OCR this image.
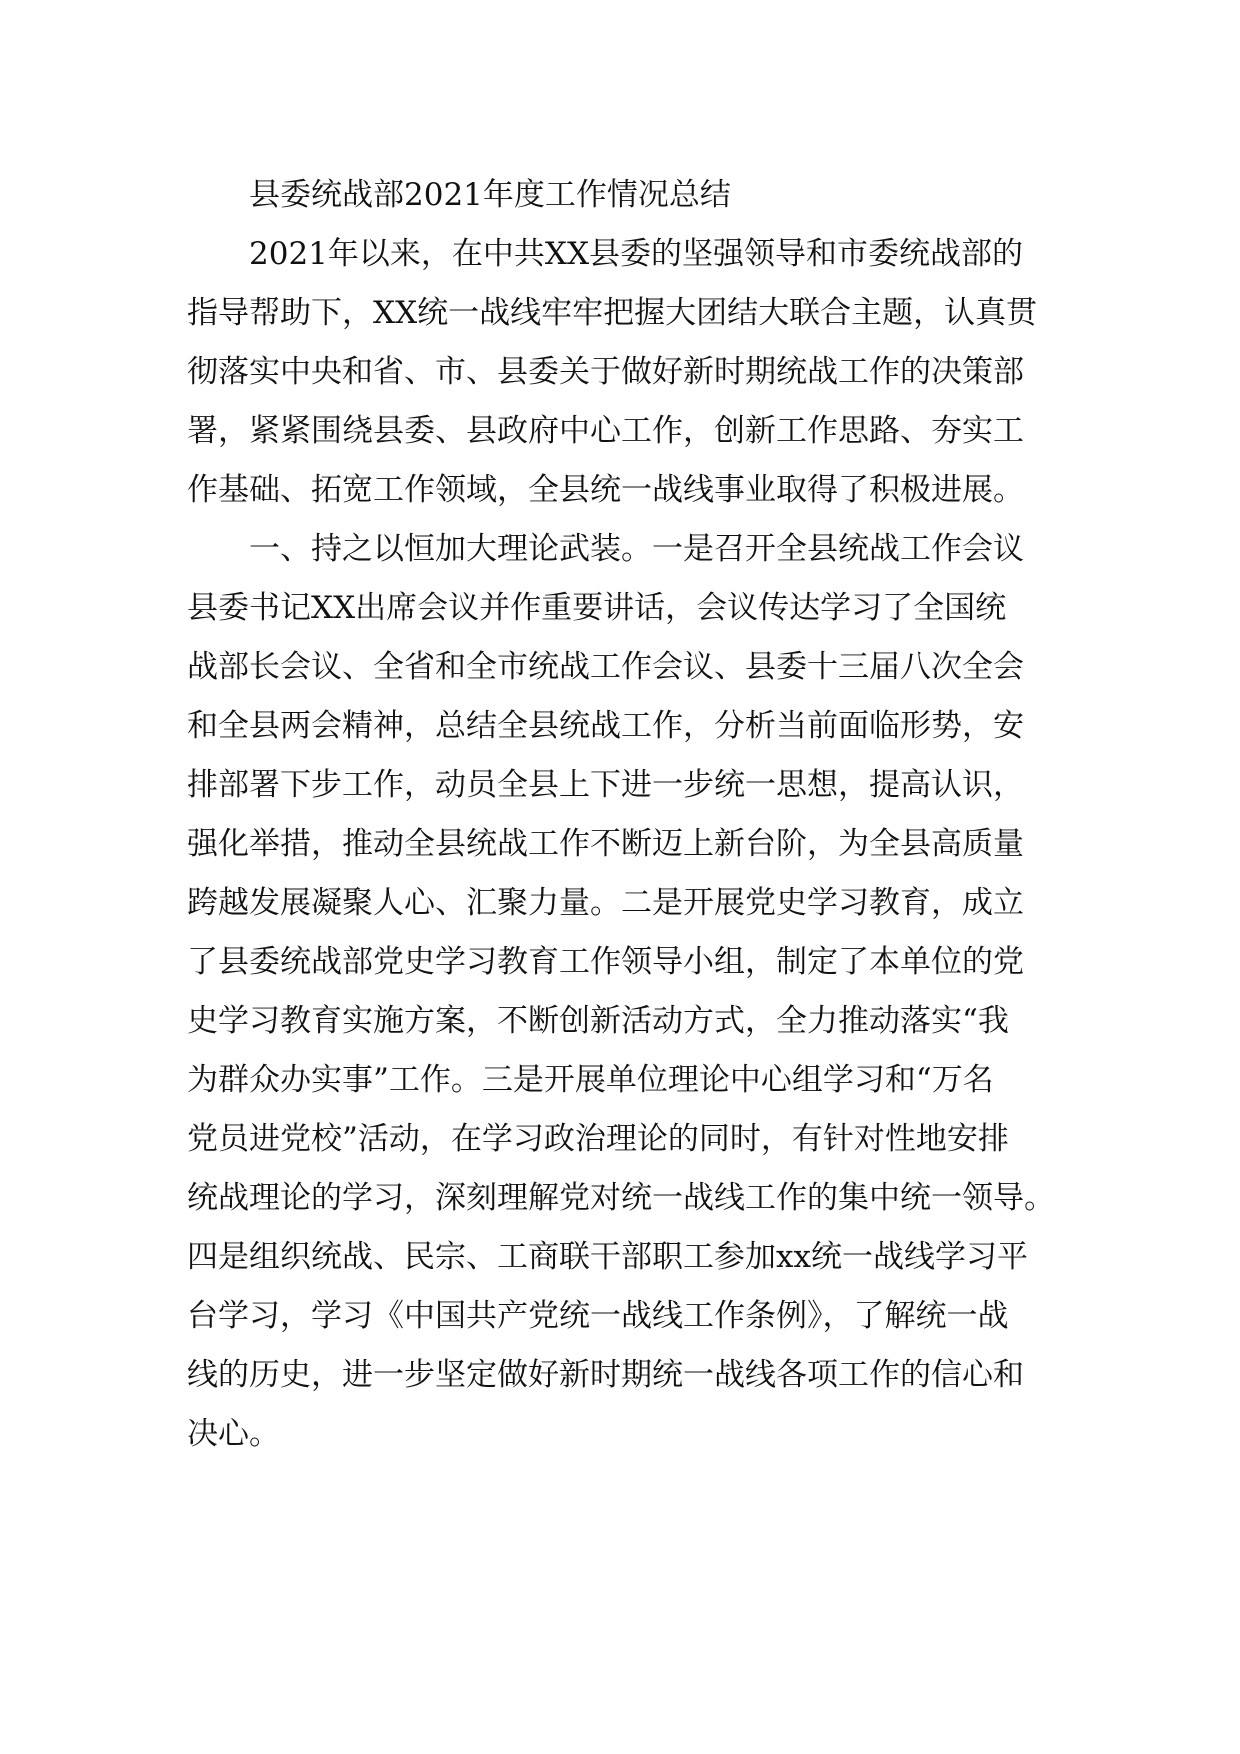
县委统战部2021年度工作情况总结
2021年以来，在中共XX县委的坚强领导和市委统战部的
指导帮助下，XX统一战线牢牢把握大团结大联合主题，认真贯
彻落实中央和省、市、县委关于做好新时期统战工作的决策部
署，紧紧围绕县委、县政府中心工作，创新工作思路、夯实工
作基础、拓宽工作领域，全县统一战线事业取得了积极进展。
一、持之以恒加大理论武装。一是召开全县统战工作会议
县委书记XX出席会议并作重要讲话，会议传达学习了全国统
战部长会议、全省和全市统战工作会议、县委十三届八次全会
和全县两会精神，总结全县统战工作，分析当前面临形势，安
排部署下步工作，动员全县上下进一步统一思想，提高认识，
强化举措，推动全县统战工作不断迈上新台阶，为全县高质量
跨越发展凝聚人心、汇聚力量。二是开展党史学习教育，成立
了县委统战部党史学习教育工作领导小组，制定了本单位的党
史学习教育实施方案，不断创新活动方式，全力推动落实“我
为群众办实事”工作。三是开展单位理论中心组学习和“万名
党员进党校”活动，在学习政治理论的同时，有针对性地安排
统战理论的学习，深刻理解党对统一战线工作的集中统一领导。
四是组织统战、民宗、工商联干部职工参加xx统一战线学习平
台学习，学习《中国共产党统一战线工作条例》，了解统一战
线的历史，进一步坚定做好新时期统一战线各项工作的信心和
决心。
